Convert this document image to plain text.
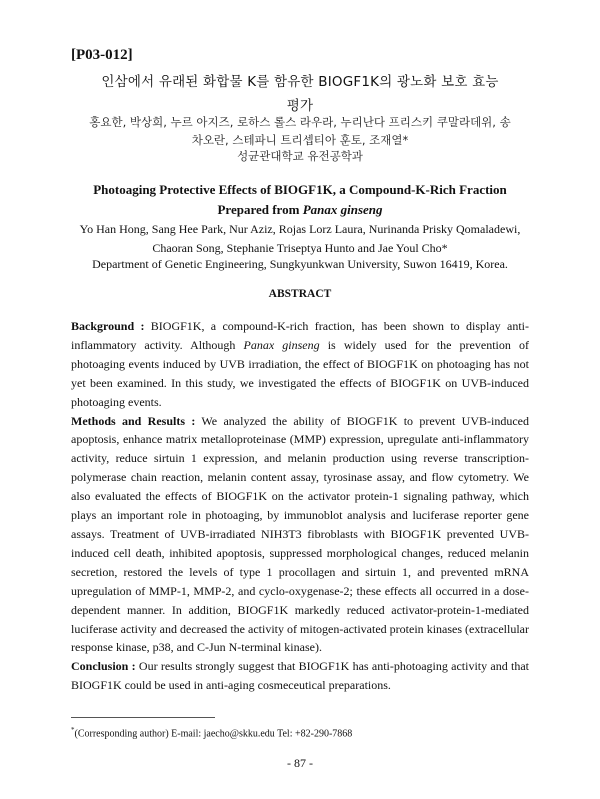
[P03-012]
인삼에서 유래된 화합물 K를 함유한 BIOGF1K의 광노화 보호 효능
평가
홍요한, 박상희, 누르 아지즈, 로하스 롤스 라우라, 누리난다 프리스키 쿠말라데위, 송
차오란, 스테파니 트리셉티아 훈토, 조재열*
성균관대학교 유전공학과
Photoaging Protective Effects of BIOGF1K, a Compound-K-Rich Fraction
Prepared from Panax ginseng
Yo Han Hong, Sang Hee Park, Nur Aziz, Rojas Lorz Laura, Nurinanda Prisky Qomaladewi,
Chaoran Song, Stephanie Triseptya Hunto and Jae Youl Cho*
Department of Genetic Engineering, Sungkyunkwan University, Suwon 16419, Korea.
ABSTRACT

Background : BIOGF1K, a compound-K-rich fraction, has been shown to display anti-inflammatory activity. Although Panax ginseng is widely used for the prevention of photoaging events induced by UVB irradiation, the effect of BIOGF1K on photoaging has not yet been examined. In this study, we investigated the effects of BIOGF1K on UVB-induced photoaging events.

Methods and Results : We analyzed the ability of BIOGF1K to prevent UVB-induced apoptosis, enhance matrix metalloproteinase (MMP) expression, upregulate anti-inflammatory activity, reduce sirtuin 1 expression, and melanin production using reverse transcription-polymerase chain reaction, melanin content assay, tyrosinase assay, and flow cytometry. We also evaluated the effects of BIOGF1K on the activator protein-1 signaling pathway, which plays an important role in photoaging, by immunoblot analysis and luciferase reporter gene assays. Treatment of UVB-irradiated NIH3T3 fibroblasts with BIOGF1K prevented UVB-induced cell death, inhibited apoptosis, suppressed morphological changes, reduced melanin secretion, restored the levels of type 1 procollagen and sirtuin 1, and prevented mRNA upregulation of MMP-1, MMP-2, and cyclo-oxygenase-2; these effects all occurred in a dose-dependent manner. In addition, BIOGF1K markedly reduced activator-protein-1-mediated luciferase activity and decreased the activity of mitogen-activated protein kinases (extracellular response kinase, p38, and C-Jun N-terminal kinase).

Conclusion : Our results strongly suggest that BIOGF1K has anti-photoaging activity and that BIOGF1K could be used in anti-aging cosmeceutical preparations.

*(Corresponding author) E-mail: jaecho@skku.edu Tel: +82-290-7868
- 87 -
